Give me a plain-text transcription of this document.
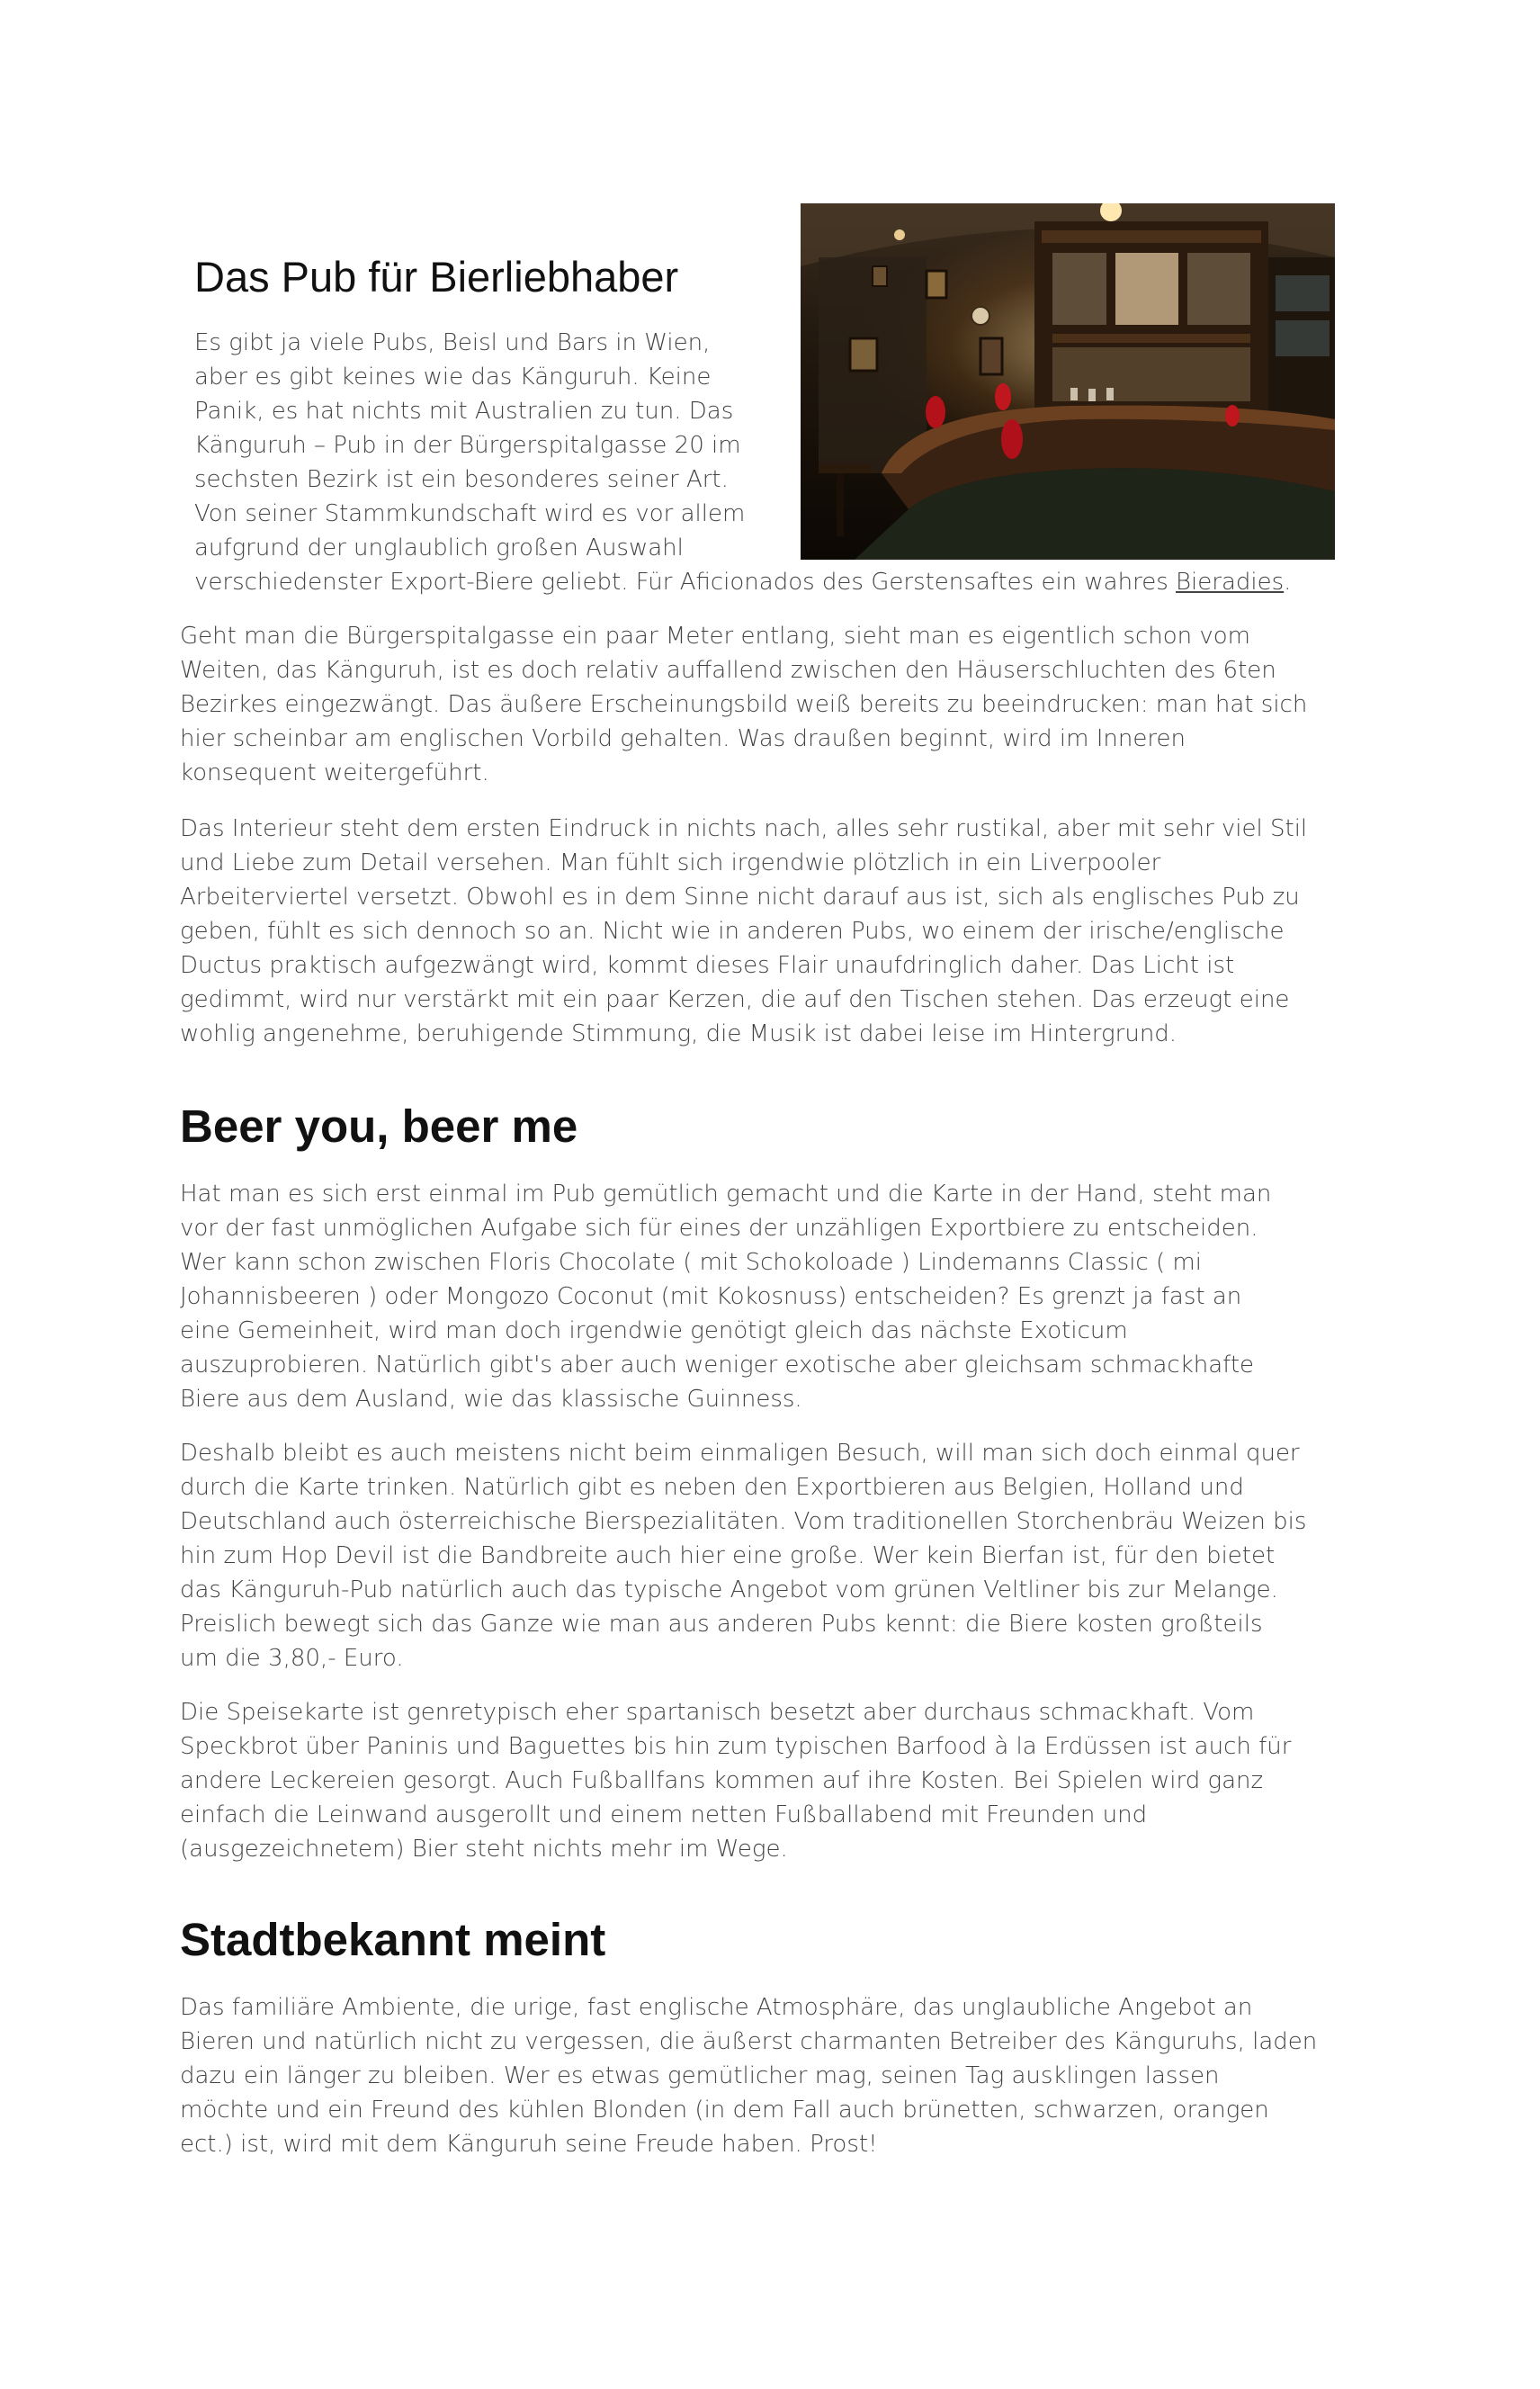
Das Pub für Bierliebhaber

Es gibt ja viele Pubs, Beisl und Bars in Wien,
aber es gibt keines wie das Känguruh. Keine
Panik, es hat nichts mit Australien zu tun. Das
Känguruh – Pub in der Bürgerspitalgasse 20 im
sechsten Bezirk ist ein besonderes seiner Art.
Von seiner Stammkundschaft wird es vor allem
aufgrund der unglaublich großen Auswahl
verschiedenster Export-Biere geliebt. Für Aficionados des Gerstensaftes ein wahres Bieradies.

Geht man die Bürgerspitalgasse ein paar Meter entlang, sieht man es eigentlich schon vom
Weiten, das Känguruh, ist es doch relativ auffallend zwischen den Häuserschluchten des 6ten
Bezirkes eingezwängt. Das äußere Erscheinungsbild weiß bereits zu beeindrucken: man hat sich
hier scheinbar am englischen Vorbild gehalten. Was draußen beginnt, wird im Inneren
konsequent weitergeführt.

Das Interieur steht dem ersten Eindruck in nichts nach, alles sehr rustikal, aber mit sehr viel Stil
und Liebe zum Detail versehen. Man fühlt sich irgendwie plötzlich in ein Liverpooler
Arbeiterviertel versetzt. Obwohl es in dem Sinne nicht darauf aus ist, sich als englisches Pub zu
geben, fühlt es sich dennoch so an. Nicht wie in anderen Pubs, wo einem der irische/englische
Ductus praktisch aufgezwängt wird, kommt dieses Flair unaufdringlich daher. Das Licht ist
gedimmt, wird nur verstärkt mit ein paar Kerzen, die auf den Tischen stehen. Das erzeugt eine
wohlig angenehme, beruhigende Stimmung, die Musik ist dabei leise im Hintergrund.

Beer you, beer me

Hat man es sich erst einmal im Pub gemütlich gemacht und die Karte in der Hand, steht man
vor der fast unmöglichen Aufgabe sich für eines der unzähligen Exportbiere zu entscheiden.
Wer kann schon zwischen Floris Chocolate ( mit Schokoloade ) Lindemanns Classic ( mi
Johannisbeeren ) oder Mongozo Coconut (mit Kokosnuss) entscheiden? Es grenzt ja fast an
eine Gemeinheit, wird man doch irgendwie genötigt gleich das nächste Exoticum
auszuprobieren. Natürlich gibt's aber auch weniger exotische aber gleichsam schmackhafte
Biere aus dem Ausland, wie das klassische Guinness.

Deshalb bleibt es auch meistens nicht beim einmaligen Besuch, will man sich doch einmal quer
durch die Karte trinken. Natürlich gibt es neben den Exportbieren aus Belgien, Holland und
Deutschland auch österreichische Bierspezialitäten. Vom traditionellen Storchenbräu Weizen bis
hin zum Hop Devil ist die Bandbreite auch hier eine große. Wer kein Bierfan ist, für den bietet
das Känguruh-Pub natürlich auch das typische Angebot vom grünen Veltliner bis zur Melange.
Preislich bewegt sich das Ganze wie man aus anderen Pubs kennt: die Biere kosten großteils
um die 3,80,- Euro.

Die Speisekarte ist genretypisch eher spartanisch besetzt aber durchaus schmackhaft. Vom
Speckbrot über Paninis und Baguettes bis hin zum typischen Barfood à la Erdüssen ist auch für
andere Leckereien gesorgt. Auch Fußballfans kommen auf ihre Kosten. Bei Spielen wird ganz
einfach die Leinwand ausgerollt und einem netten Fußballabend mit Freunden und
(ausgezeichnetem) Bier steht nichts mehr im Wege.

Stadtbekannt meint

Das familiäre Ambiente, die urige, fast englische Atmosphäre, das unglaubliche Angebot an
Bieren und natürlich nicht zu vergessen, die äußerst charmanten Betreiber des Känguruhs, laden
dazu ein länger zu bleiben. Wer es etwas gemütlicher mag, seinen Tag ausklingen lassen
möchte und ein Freund des kühlen Blonden (in dem Fall auch brünetten, schwarzen, orangen
ect.) ist, wird mit dem Känguruh seine Freude haben. Prost!
